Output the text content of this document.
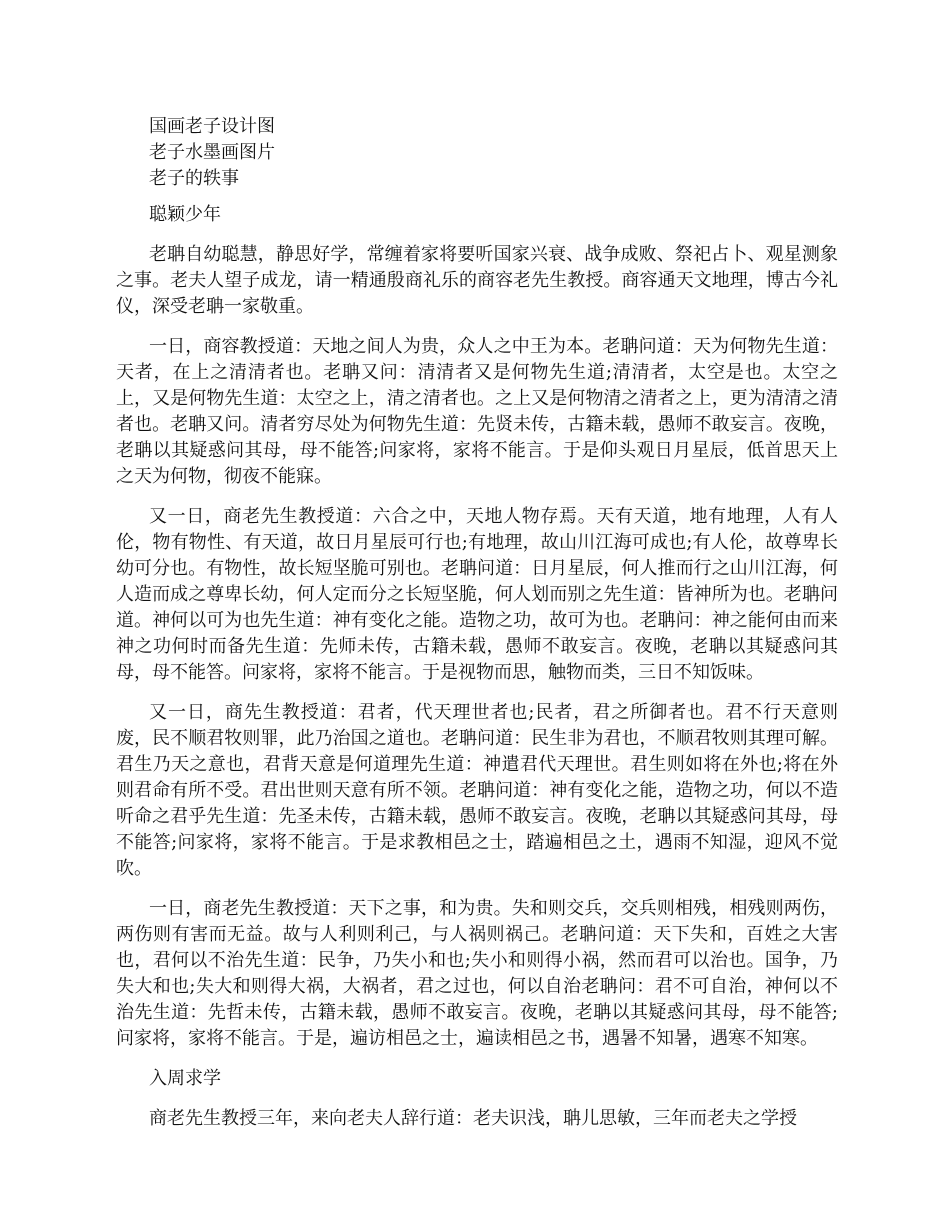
国画老子设计图

老子水墨画图片

老子的轶事

聪颖少年

老聃自幼聪慧，静思好学，常缠着家将要听国家兴衰、战争成败、祭祀占卜、观星测象之事。老夫人望子成龙，请一精通殷商礼乐的商容老先生教授。商容通天文地理，博古今礼仪，深受老聃一家敬重。

一日，商容教授道：天地之间人为贵，众人之中王为本。老聃问道：天为何物先生道：天者，在上之清清者也。老聃又问：清清者又是何物先生道;清清者，太空是也。太空之上，又是何物先生道：太空之上，清之清者也。之上又是何物清之清者之上，更为清清之清者也。老聃又问。清者穷尽处为何物先生道：先贤未传，古籍未载，愚师不敢妄言。夜晚，老聃以其疑惑问其母，母不能答;问家将，家将不能言。于是仰头观日月星辰，低首思天上之天为何物，彻夜不能寐。

又一日，商老先生教授道：六合之中，天地人物存焉。天有天道，地有地理，人有人伦，物有物性、有天道，故日月星辰可行也;有地理，故山川江海可成也;有人伦，故尊卑长幼可分也。有物性，故长短坚脆可别也。老聃问道：日月星辰，何人推而行之山川江海，何人造而成之尊卑长幼，何人定而分之长短坚脆，何人划而别之先生道：皆神所为也。老聃问道。神何以可为也先生道：神有变化之能。造物之功，故可为也。老聃问：神之能何由而来神之功何时而备先生道：先师未传，古籍未载，愚师不敢妄言。夜晚，老聃以其疑惑问其母，母不能答。问家将，家将不能言。于是视物而思，触物而类，三日不知饭味。

又一日，商先生教授道：君者，代天理世者也;民者，君之所御者也。君不行天意则废，民不顺君牧则罪，此乃治国之道也。老聃问道：民生非为君也，不顺君牧则其理可解。君生乃天之意也，君背天意是何道理先生道：神遣君代天理世。君生则如将在外也;将在外则君命有所不受。君出世则天意有所不领。老聃问道：神有变化之能，造物之功，何以不造听命之君乎先生道：先圣未传，古籍未载，愚师不敢妄言。夜晚，老聃以其疑惑问其母，母不能答;问家将，家将不能言。于是求教相邑之士，踏遍相邑之土，遇雨不知湿，迎风不觉吹。

一日，商老先生教授道：天下之事，和为贵。失和则交兵，交兵则相残，相残则两伤，两伤则有害而无益。故与人利则利己，与人祸则祸己。老聃问道：天下失和，百姓之大害也，君何以不治先生道：民争，乃失小和也;失小和则得小祸，然而君可以治也。国争，乃失大和也;失大和则得大祸，大祸者，君之过也，何以自治老聃问：君不可自治，神何以不治先生道：先哲未传，古籍未载，愚师不敢妄言。夜晚，老聃以其疑惑问其母，母不能答;问家将，家将不能言。于是，遍访相邑之士，遍读相邑之书，遇暑不知暑，遇寒不知寒。

入周求学

商老先生教授三年，来向老夫人辞行道：老夫识浅，聃儿思敏，三年而老夫之学授
